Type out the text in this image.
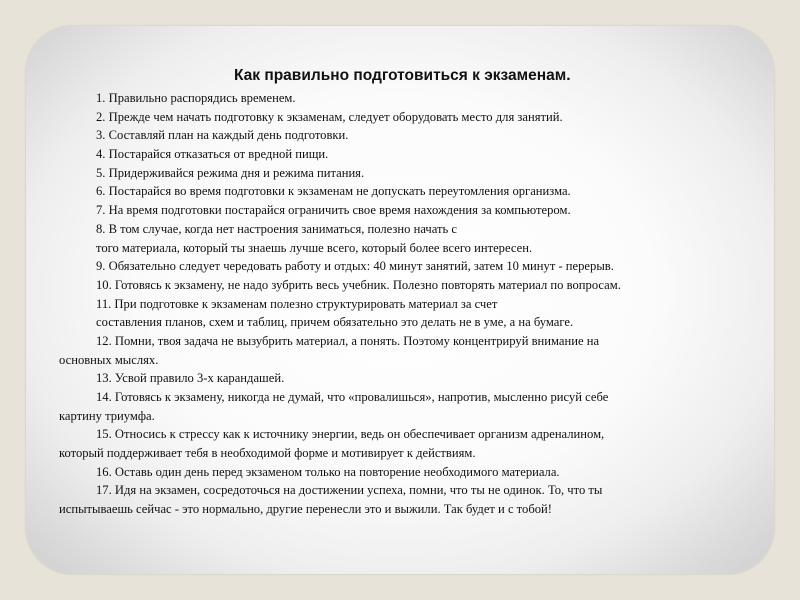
Как правильно подготовиться к экзаменам.
1. Правильно распорядись временем.
2. Прежде чем начать подготовку к экзаменам, следует оборудовать место для занятий.
3. Составляй план на каждый день подготовки.
4. Постарайся отказаться от вредной пищи.
5. Придерживайся режима дня и режима питания.
6. Постарайся во время подготовки к экзаменам не допускать переутомления организма.
7. На время подготовки постарайся ограничить свое время нахождения за компьютером.
8. В том случае, когда нет настроения заниматься, полезно начать с
того материала, который ты знаешь лучше всего, который более всего интересен.
9. Обязательно следует чередовать работу и отдых: 40 минут занятий, затем 10 минут - перерыв.
10. Готовясь к экзамену, не надо зубрить весь учебник. Полезно повторять материал по вопросам.
11. При подготовке к экзаменам полезно структурировать материал за счет
составления планов, схем и таблиц, причем обязательно это делать не в уме, а на бумаге.
12. Помни, твоя задача не вызубрить материал, а понять. Поэтому концентрируй внимание на
основных мыслях.
13. Усвой правило 3-х карандашей.
14. Готовясь к экзамену, никогда не думай, что «провалишься», напротив, мысленно рисуй себе
картину триумфа.
15. Относись к стрессу как к источнику энергии, ведь он обеспечивает организм адреналином,
который поддерживает тебя в необходимой форме и мотивирует к действиям.
16. Оставь один день перед экзаменом только на повторение необходимого материала.
17. Идя на экзамен, сосредоточься на достижении успеха, помни, что ты не одинок. То, что ты
испытываешь сейчас - это нормально, другие перенесли это и выжили. Так будет и с тобой!
